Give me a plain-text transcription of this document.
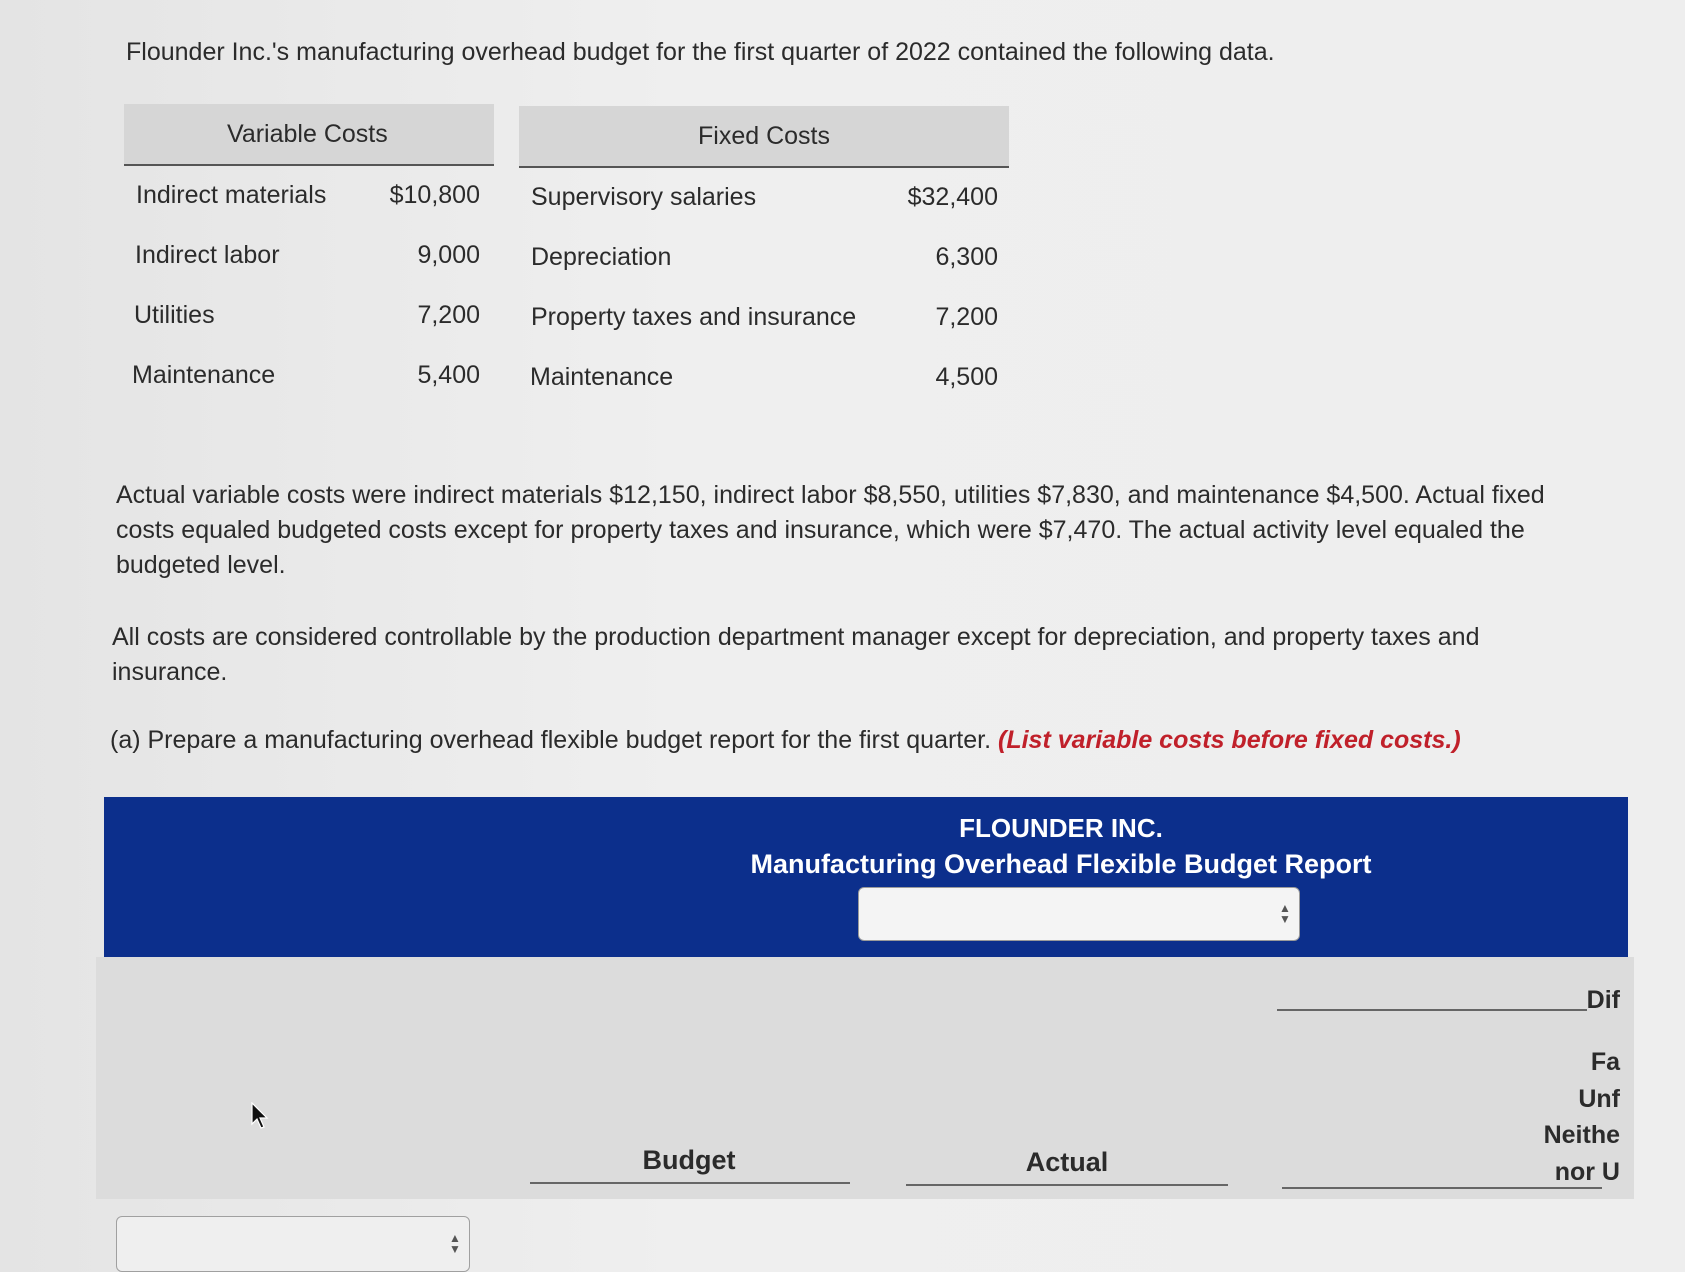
Flounder Inc.'s manufacturing overhead budget for the first quarter of 2022 contained the following data.
Variable Costs	Fixed Costs
Indirect materials	$10,800
Indirect labor	9,000
Utilities	7,200
Maintenance	5,400
Supervisory salaries	$32,400
Depreciation	6,300
Property taxes and insurance	7,200
Maintenance	4,500
Actual variable costs were indirect materials $12,150, indirect labor $8,550, utilities $7,830, and maintenance $4,500. Actual fixed costs equaled budgeted costs except for property taxes and insurance, which were $7,470. The actual activity level equaled the budgeted level.
All costs are considered controllable by the production department manager except for depreciation, and property taxes and insurance.
(a) Prepare a manufacturing overhead flexible budget report for the first quarter. (List variable costs before fixed costs.)
FLOUNDER INC.
Manufacturing Overhead Flexible Budget Report
▲
▼
Budget	Actual
Dif
Fa
Unf
Neithe
nor U
▲
▼
